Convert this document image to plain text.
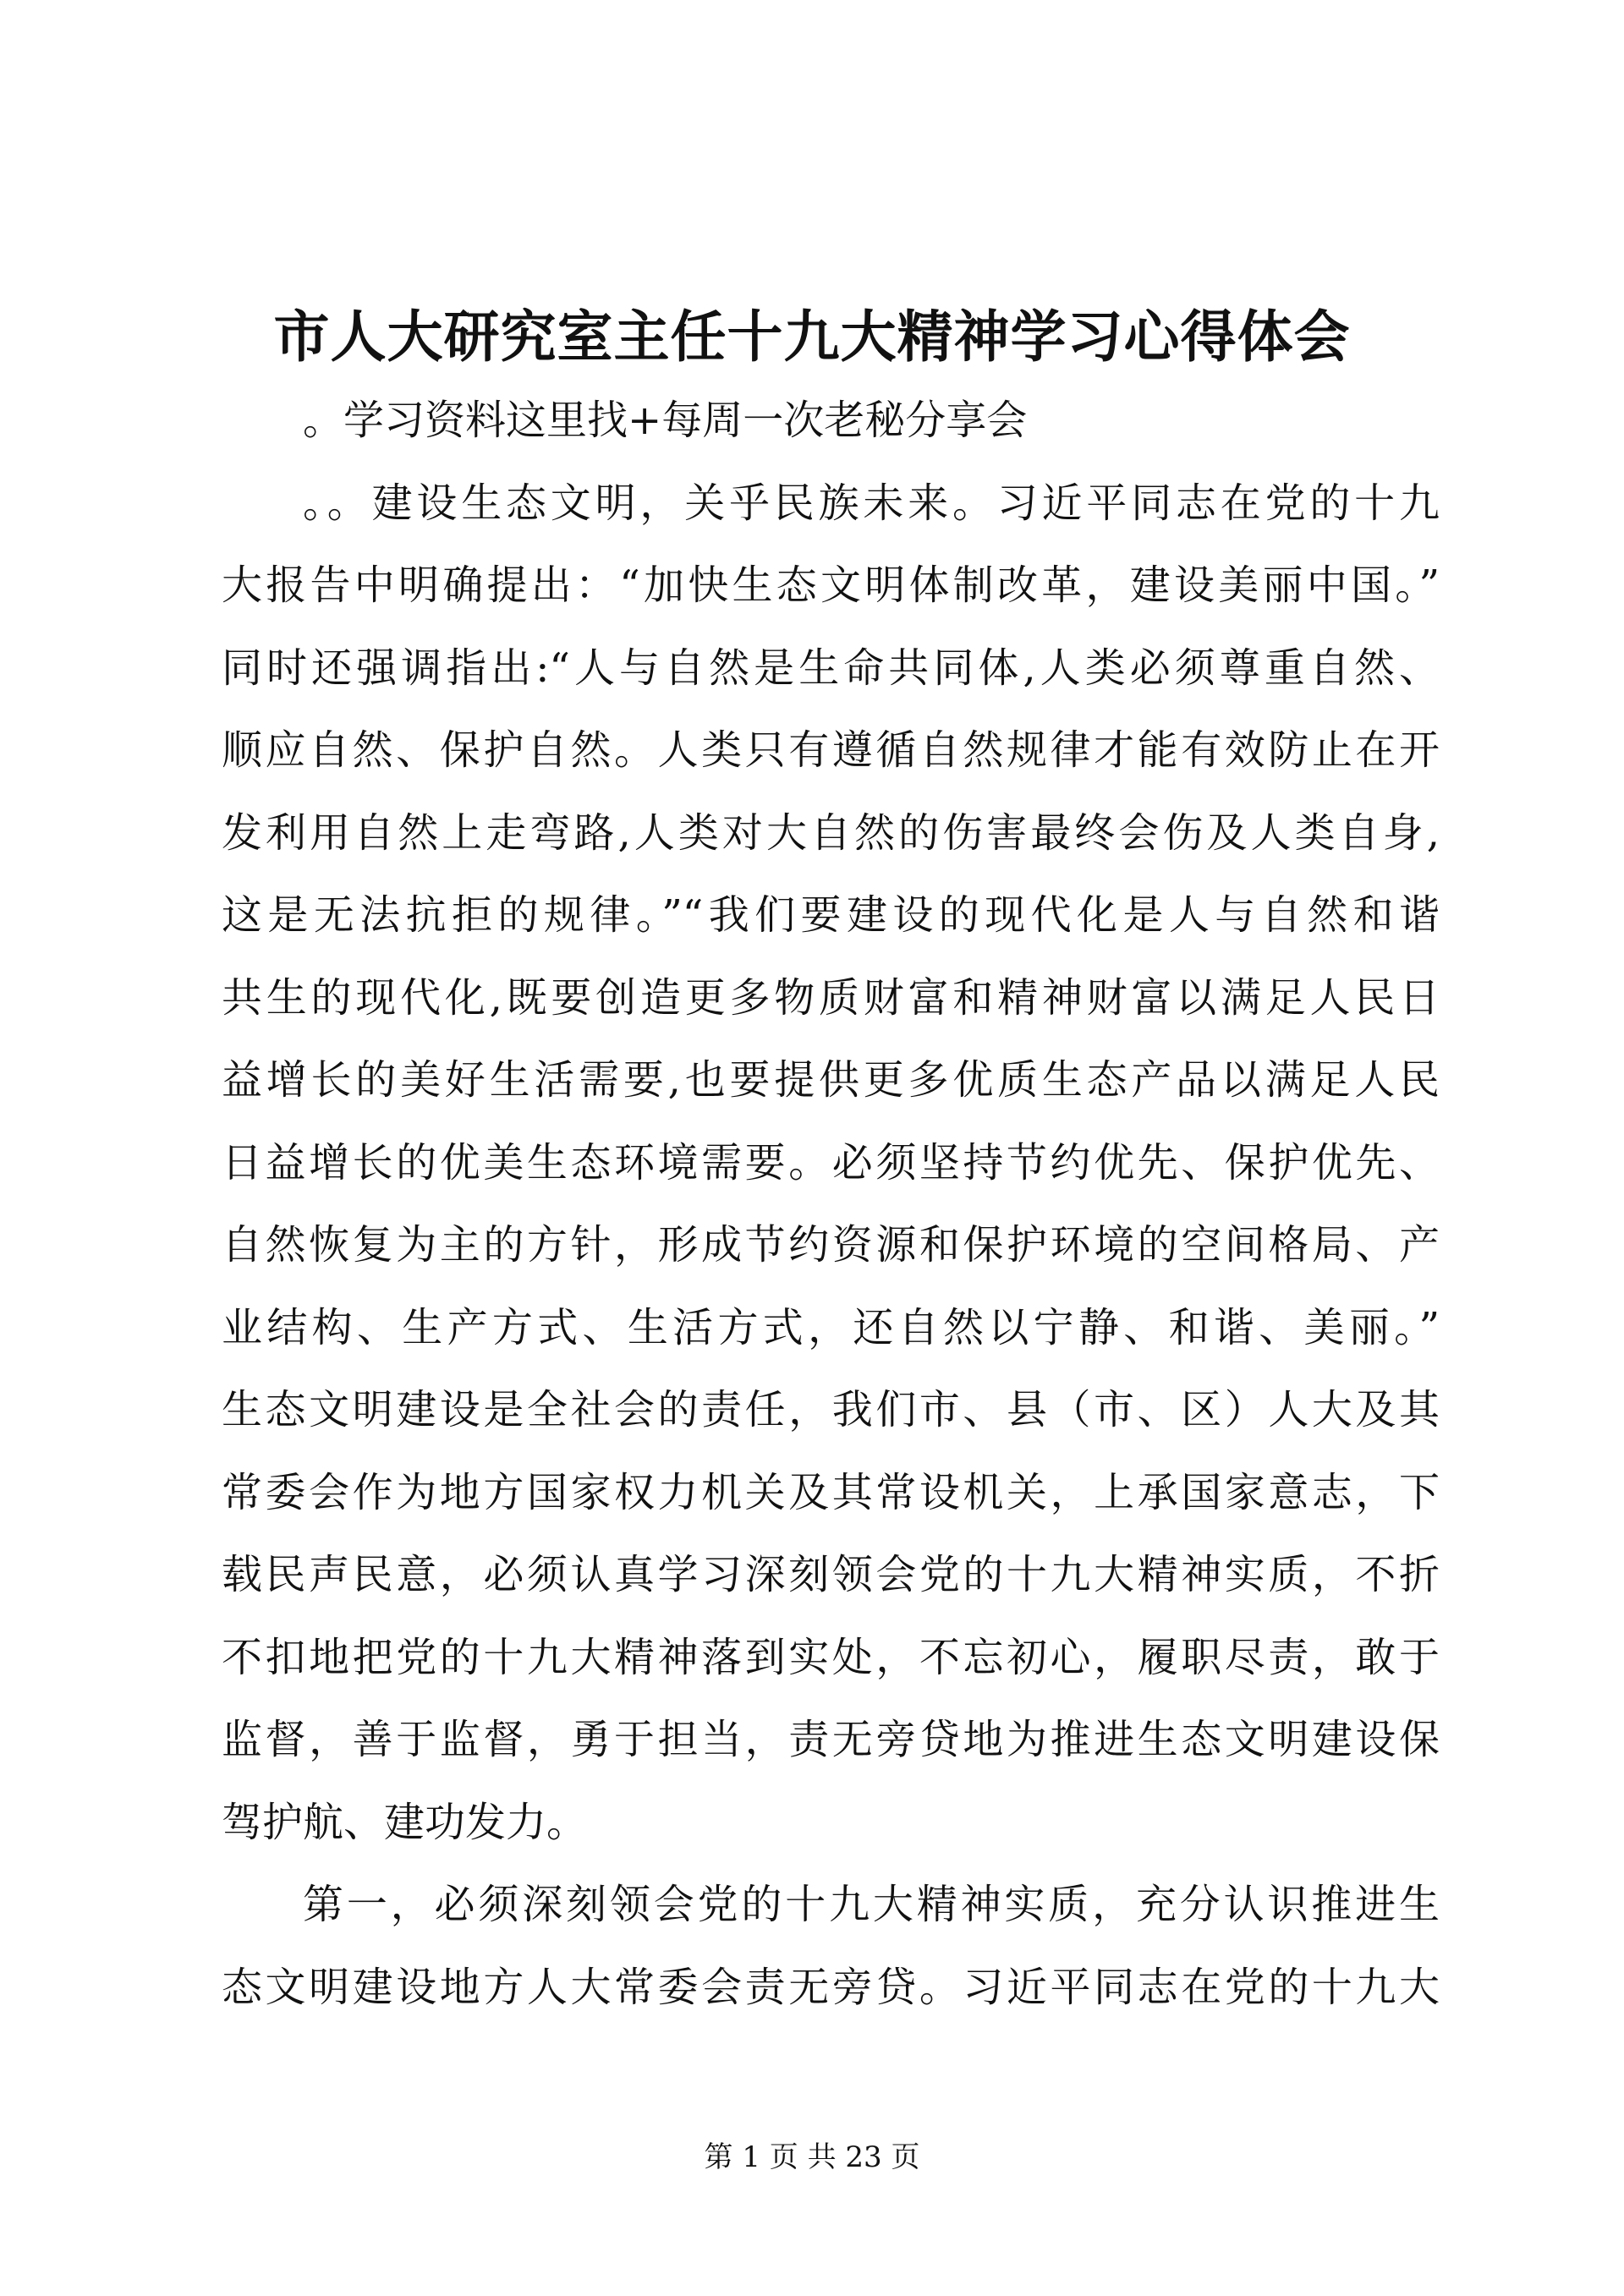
市人大研究室主任十九大精神学习心得体会
。学习资料这里找+每周一次老秘分享会
。。建设生态文明，关乎民族未来。习近平同志在党的十九
大报告中明确提出：“加快生态文明体制改革，建设美丽中国。”
同时还强调指出:“人与自然是生命共同体,人类必须尊重自然、
顺应自然、保护自然。人类只有遵循自然规律才能有效防止在开
发利用自然上走弯路,人类对大自然的伤害最终会伤及人类自身,
这是无法抗拒的规律。”“我们要建设的现代化是人与自然和谐
共生的现代化,既要创造更多物质财富和精神财富以满足人民日
益增长的美好生活需要,也要提供更多优质生态产品以满足人民
日益增长的优美生态环境需要。必须坚持节约优先、保护优先、
自然恢复为主的方针，形成节约资源和保护环境的空间格局、产
业结构、生产方式、生活方式，还自然以宁静、和谐、美丽。”
生态文明建设是全社会的责任，我们市、县（市、区）人大及其
常委会作为地方国家权力机关及其常设机关，上承国家意志，下
载民声民意，必须认真学习深刻领会党的十九大精神实质，不折
不扣地把党的十九大精神落到实处，不忘初心，履职尽责，敢于
监督，善于监督，勇于担当，责无旁贷地为推进生态文明建设保
驾护航、建功发力。
第一，必须深刻领会党的十九大精神实质，充分认识推进生
态文明建设地方人大常委会责无旁贷。习近平同志在党的十九大
第 1 页 共 23 页
